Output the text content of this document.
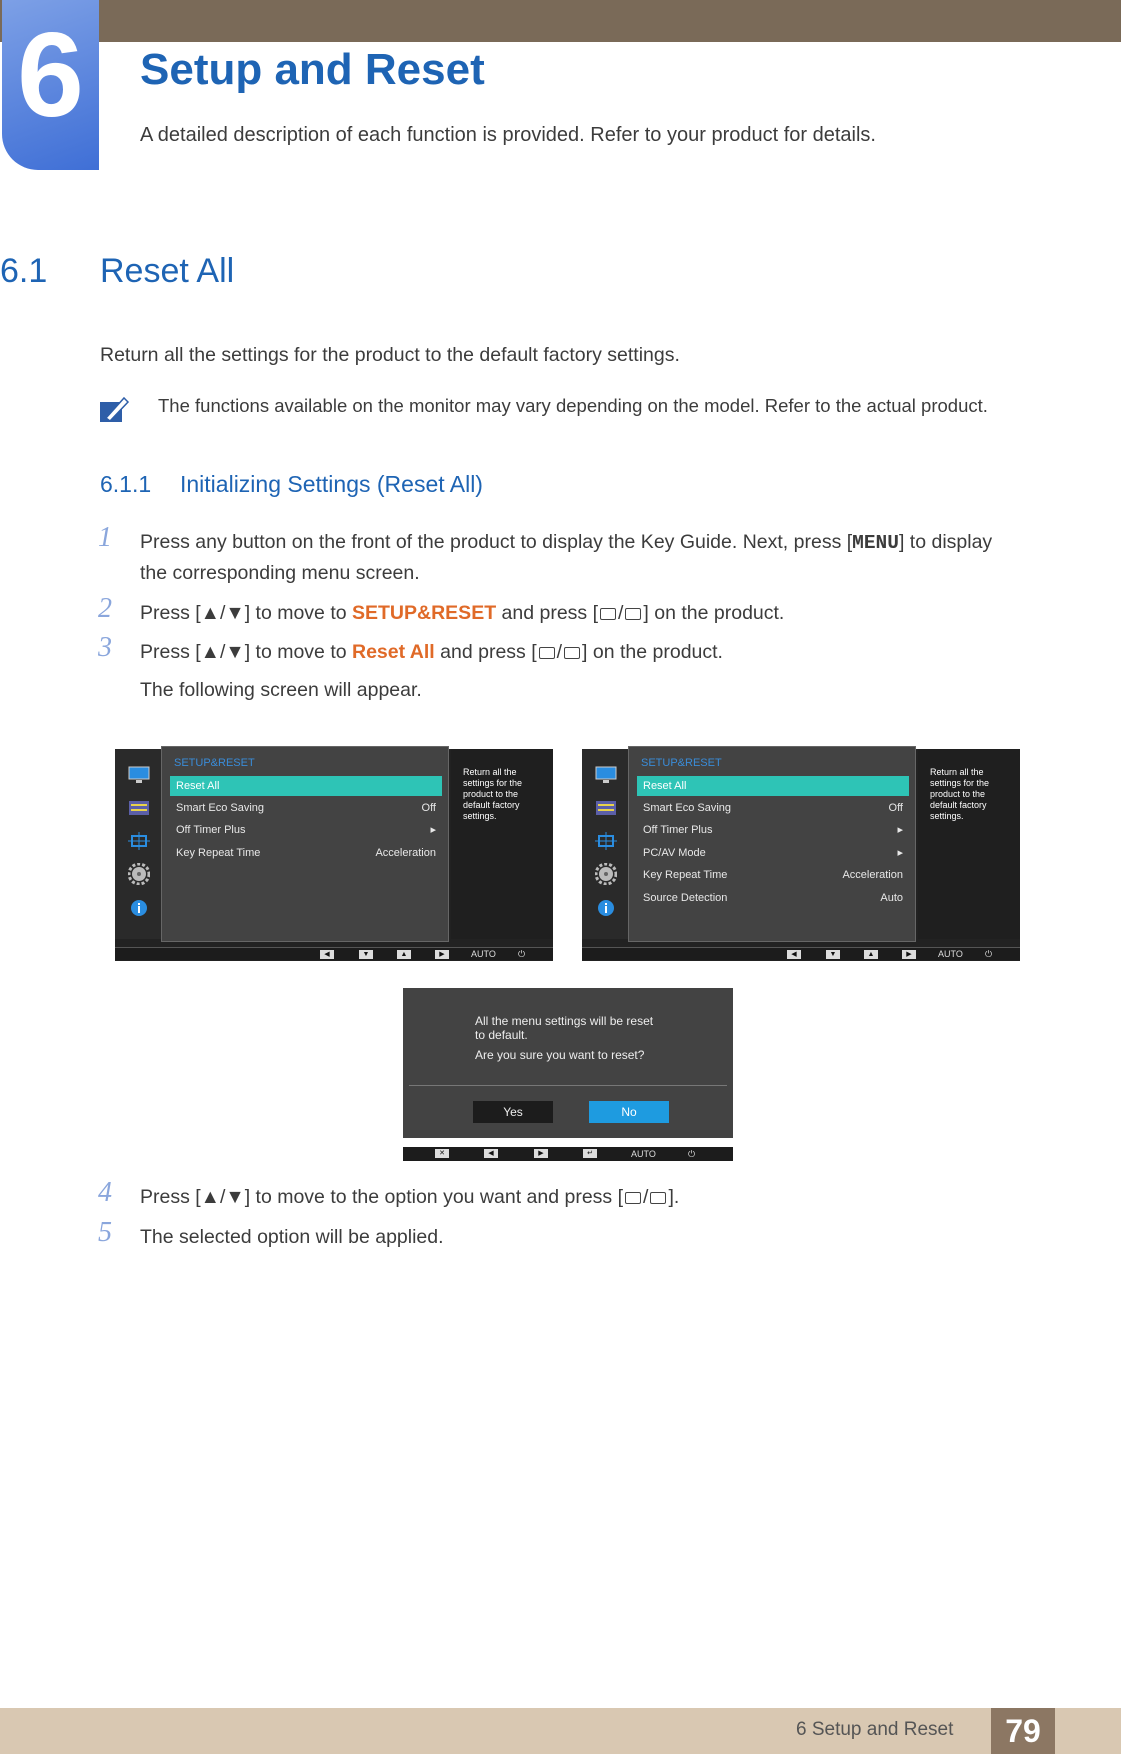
6	Setup and Reset
A detailed description of each function is provided. Refer to your product for details.
6.1 Reset All
Return all the settings for the product to the default factory settings.
The functions available on the monitor may vary depending on the model. Refer to the actual product.
6.1.1 Initializing Settings (Reset All)
1 Press any button on the front of the product to display the Key Guide. Next, press [MENU] to display
the corresponding menu screen.
2 Press [▲/▼] to move to SETUP&RESET and press [ / ] on the product.
3 Press [▲/▼] to move to Reset All and press [ / ] on the product.
The following screen will appear.
SETUP&RESET
Reset All
Smart Eco Saving	Off
Off Timer Plus	▸
Key Repeat Time	Acceleration
Return all the settings for the product to the default factory settings.
◀	▼	▲	▶	AUTO ⏻
SETUP&RESET
Reset All
Smart Eco Saving	Off
Off Timer Plus	▸
PC/AV Mode	▸
Key Repeat Time	Acceleration
Source Detection	Auto
Return all the settings for the product to the default factory settings.
◀	▼	▲	▶	AUTO ⏻
All the menu settings will be reset
to default.
Are you sure you want to reset?
Yes	No
✕	◀	▶	↵	AUTO	⏻
4 Press [▲/▼] to move to the option you want and press [ / ].
5 The selected option will be applied.
6 Setup and Reset	79
